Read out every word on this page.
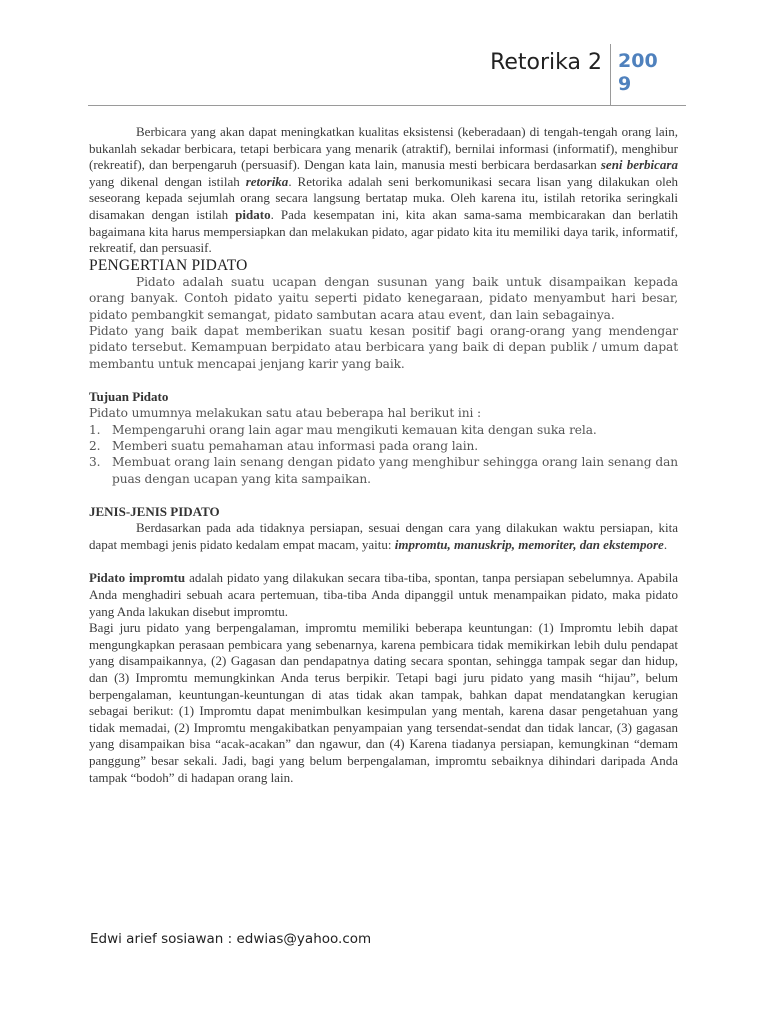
Retorika 2 200
9

Berbicara yang akan dapat meningkatkan kualitas eksistensi (keberadaan) di tengah-tengah orang lain, bukanlah sekadar berbicara, tetapi berbicara yang menarik (atraktif), bernilai informasi (informatif), menghibur (rekreatif), dan berpengaruh (persuasif). Dengan kata lain, manusia mesti berbicara berdasarkan seni berbicara yang dikenal dengan istilah retorika. Retorika adalah seni berkomunikasi secara lisan yang dilakukan oleh seseorang kepada sejumlah orang secara langsung bertatap muka. Oleh karena itu, istilah retorika seringkali disamakan dengan istilah pidato. Pada kesempatan ini, kita akan sama-sama membicarakan dan berlatih bagaimana kita harus mempersiapkan dan melakukan pidato, agar pidato kita itu memiliki daya tarik, informatif, rekreatif, dan persuasif.

PENGERTIAN PIDATO

Pidato adalah suatu ucapan dengan susunan yang baik untuk disampaikan kepada orang banyak. Contoh pidato yaitu seperti pidato kenegaraan, pidato menyambut hari besar, pidato pembangkit semangat, pidato sambutan acara atau event, dan lain sebagainya.

Pidato yang baik dapat memberikan suatu kesan positif bagi orang-orang yang mendengar pidato tersebut. Kemampuan berpidato atau berbicara yang baik di depan publik / umum dapat membantu untuk mencapai jenjang karir yang baik.

Tujuan Pidato

Pidato umumnya melakukan satu atau beberapa hal berikut ini :

1. Mempengaruhi orang lain agar mau mengikuti kemauan kita dengan suka rela.
2. Memberi suatu pemahaman atau informasi pada orang lain.
3. Membuat orang lain senang dengan pidato yang menghibur sehingga orang lain senang dan puas dengan ucapan yang kita sampaikan.
JENIS-JENIS PIDATO

Berdasarkan pada ada tidaknya persiapan, sesuai dengan cara yang dilakukan waktu persiapan, kita dapat membagi jenis pidato kedalam empat macam, yaitu: impromtu, manuskrip, memoriter, dan ekstempore.

Pidato impromtu adalah pidato yang dilakukan secara tiba-tiba, spontan, tanpa persiapan sebelumnya. Apabila Anda menghadiri sebuah acara pertemuan, tiba-tiba Anda dipanggil untuk menampaikan pidato, maka pidato yang Anda lakukan disebut impromtu.

Bagi juru pidato yang berpengalaman, impromtu memiliki beberapa keuntungan: (1) Impromtu lebih dapat mengungkapkan perasaan pembicara yang sebenarnya, karena pembicara tidak memikirkan lebih dulu pendapat yang disampaikannya, (2) Gagasan dan pendapatnya dating secara spontan, sehingga tampak segar dan hidup, dan (3) Impromtu memungkinkan Anda terus berpikir. Tetapi bagi juru pidato yang masih “hijau”, belum berpengalaman, keuntungan-keuntungan di atas tidak akan tampak, bahkan dapat mendatangkan kerugian sebagai berikut: (1) Impromtu dapat menimbulkan kesimpulan yang mentah, karena dasar pengetahuan yang tidak memadai, (2) Impromtu mengakibatkan penyampaian yang tersendat-sendat dan tidak lancar, (3) gagasan yang disampaikan bisa “acak-acakan” dan ngawur, dan (4) Karena tiadanya persiapan, kemungkinan “demam panggung” besar sekali. Jadi, bagi yang belum berpengalaman, impromtu sebaiknya dihindari daripada Anda tampak “bodoh” di hadapan orang lain.

Edwi arief sosiawan : edwias@yahoo.com
